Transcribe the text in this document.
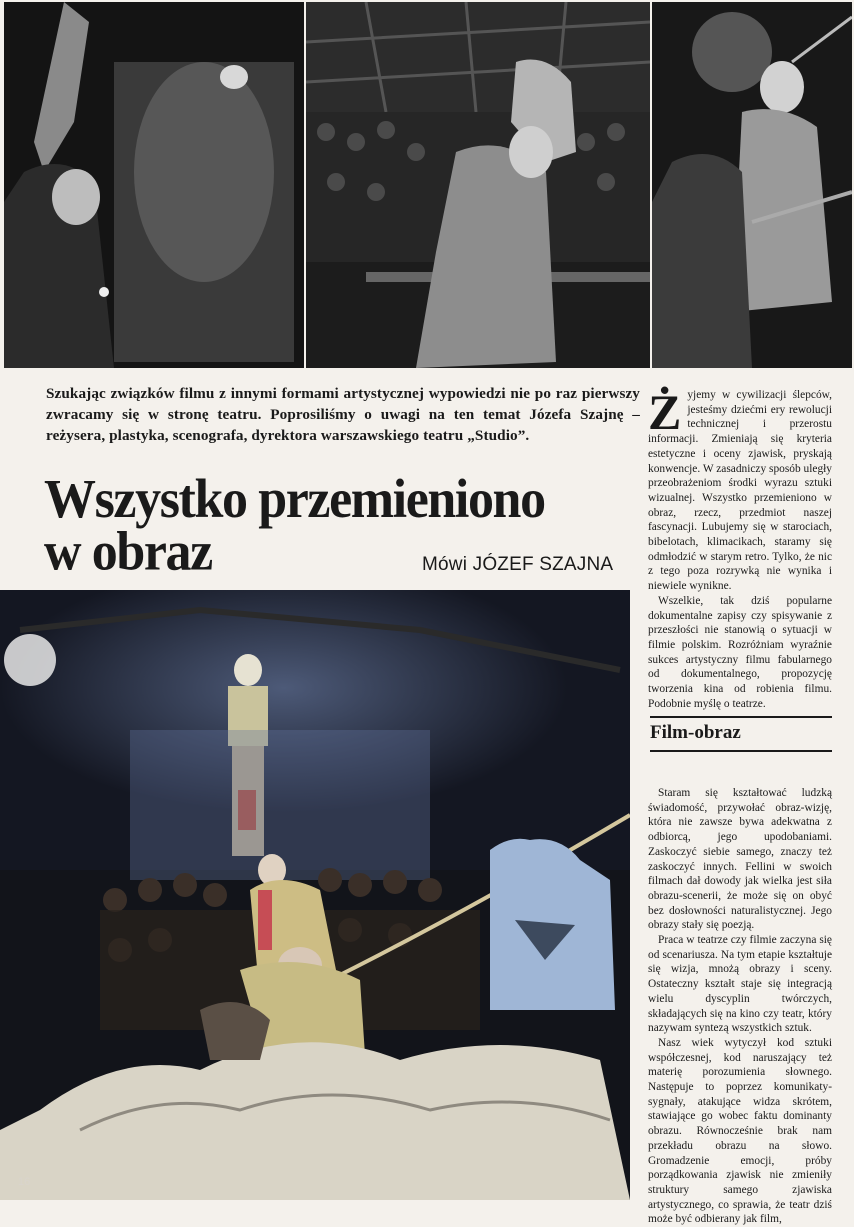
Szukając związków filmu z innymi formami artystycznej wypowiedzi nie po raz pierwszy zwracamy się w stronę teatru. Poprosiliśmy o uwagi na ten temat Józefa Szajnę – reżysera, plastyka, scenografa, dyrektora warszawskiego teatru „Studio”.
Wszystko przemieniono
w obraz	Mówi JÓZEF SZAJNA
Ż yjemy w cywilizacji ślepców, jesteśmy dziećmi ery rewolucji technicznej i przerostu informacji. Zmieniają się kryteria estetyczne i oceny zjawisk, pryskają konwencje. W zasadniczy sposób uległy przeobrażeniom środki wyrazu sztuki wizualnej. Wszystko przemieniono w obraz, rzecz, przedmiot naszej fascynacji. Lubujemy się w starociach, bibelotach, klimacikach, staramy się odmłodzić w starym retro. Tylko, że nic z tego poza rozrywką nie wynika i niewiele wynikne.

Wszelkie, tak dziś popularne dokumentalne zapisy czy spisywanie z przeszłości nie stanowią o sytuacji w filmie polskim. Rozróżniam wyraźnie sukces artystyczny filmu fabularnego od dokumentalnego, propozycję tworzenia kina od robienia filmu. Podobnie myślę o teatrze.

Film-obraz

Staram się kształtować ludzką świadomość, przywołać obraz-wizję, która nie zawsze bywa adekwatna z odbiorcą, jego upodobaniami. Zaskoczyć siebie samego, znaczy też zaskoczyć innych. Fellini w swoich filmach dał dowody jak wielka jest siła obrazu-scenerii, że może się on obyć bez dosłowności naturalistycznej. Jego obrazy stały się poezją.

Praca w teatrze czy filmie zaczyna się od scenariusza. Na tym etapie kształtuje się wizja, mnożą obrazy i sceny. Ostateczny kształt staje się integracją wielu dyscyplin twórczych, składających się na kino czy teatr, który nazywam syntezą wszystkich sztuk.

Nasz wiek wytyczył kod sztuki współczesnej, kod naruszający też materię porozumienia słownego. Następuje to poprzez komunikaty-sygnały, atakujące widza skrótem, stawiające go wobec faktu dominanty obrazu. Równocześnie brak nam przekładu obrazu na słowo. Gromadzenie emocji, próby porządkowania zjawisk nie zmieniły struktury samego zjawiska artystycznego, co sprawia, że teatr dziś może być odbierany jak film,

16
